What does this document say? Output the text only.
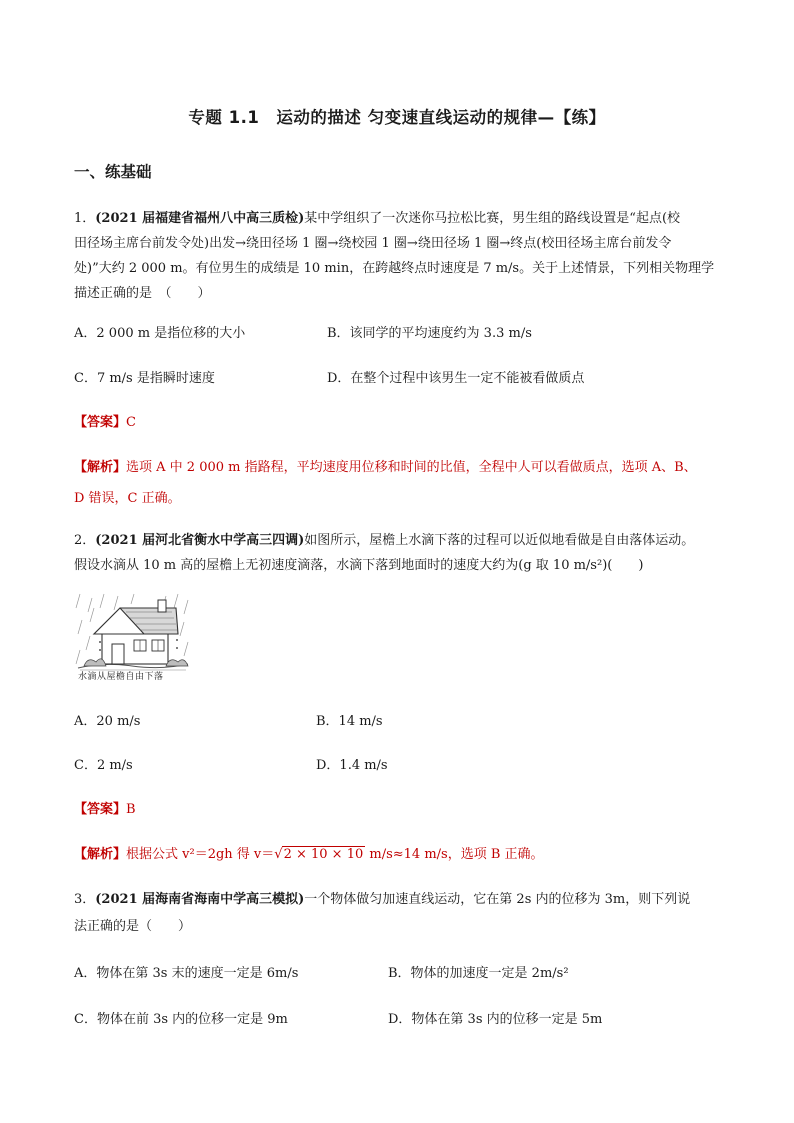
专题 1.1　运动的描述 匀变速直线运动的规律—【练】
一、练基础
1．(2021 届福建省福州八中高三质检)某中学组织了一次迷你马拉松比赛，男生组的路线设置是“起点(校
田径场主席台前发令处)出发→绕田径场 1 圈→绕校园 1 圈→绕田径场 1 圈→终点(校田径场主席台前发令
处)”大约 2 000 m。有位男生的成绩是 10 min，在跨越终点时速度是 7 m/s。关于上述情景，下列相关物理学
描述正确的是　（　　）
A．2 000 m 是指位移的大小	B．该同学的平均速度约为 3.3 m/s
C．7 m/s 是指瞬时速度	D．在整个过程中该男生一定不能被看做质点
【答案】C
【解析】选项 A 中 2 000 m 指路程，平均速度用位移和时间的比值，全程中人可以看做质点，选项 A、B、
D 错误，C 正确。
2．(2021 届河北省衡水中学高三四调)如图所示，屋檐上水滴下落的过程可以近似地看做是自由落体运动。
假设水滴从 10 m 高的屋檐上无初速度滴落，水滴下落到地面时的速度大约为(g 取 10 m/s²)(　　)
水滴从屋檐自由下落
A．20 m/s	B．14 m/s
C．2 m/s	D．1.4 m/s
【答案】B
【解析】根据公式 v²＝2gh 得 v＝√2 × 10 × 10 m/s≈14 m/s，选项 B 正确。
3．(2021 届海南省海南中学高三模拟)一个物体做匀加速直线运动，它在第 2s 内的位移为 3m，则下列说
法正确的是（　　）
A．物体在第 3s 末的速度一定是 6m/s	B．物体的加速度一定是 2m/s²
C．物体在前 3s 内的位移一定是 9m	D．物体在第 3s 内的位移一定是 5m
